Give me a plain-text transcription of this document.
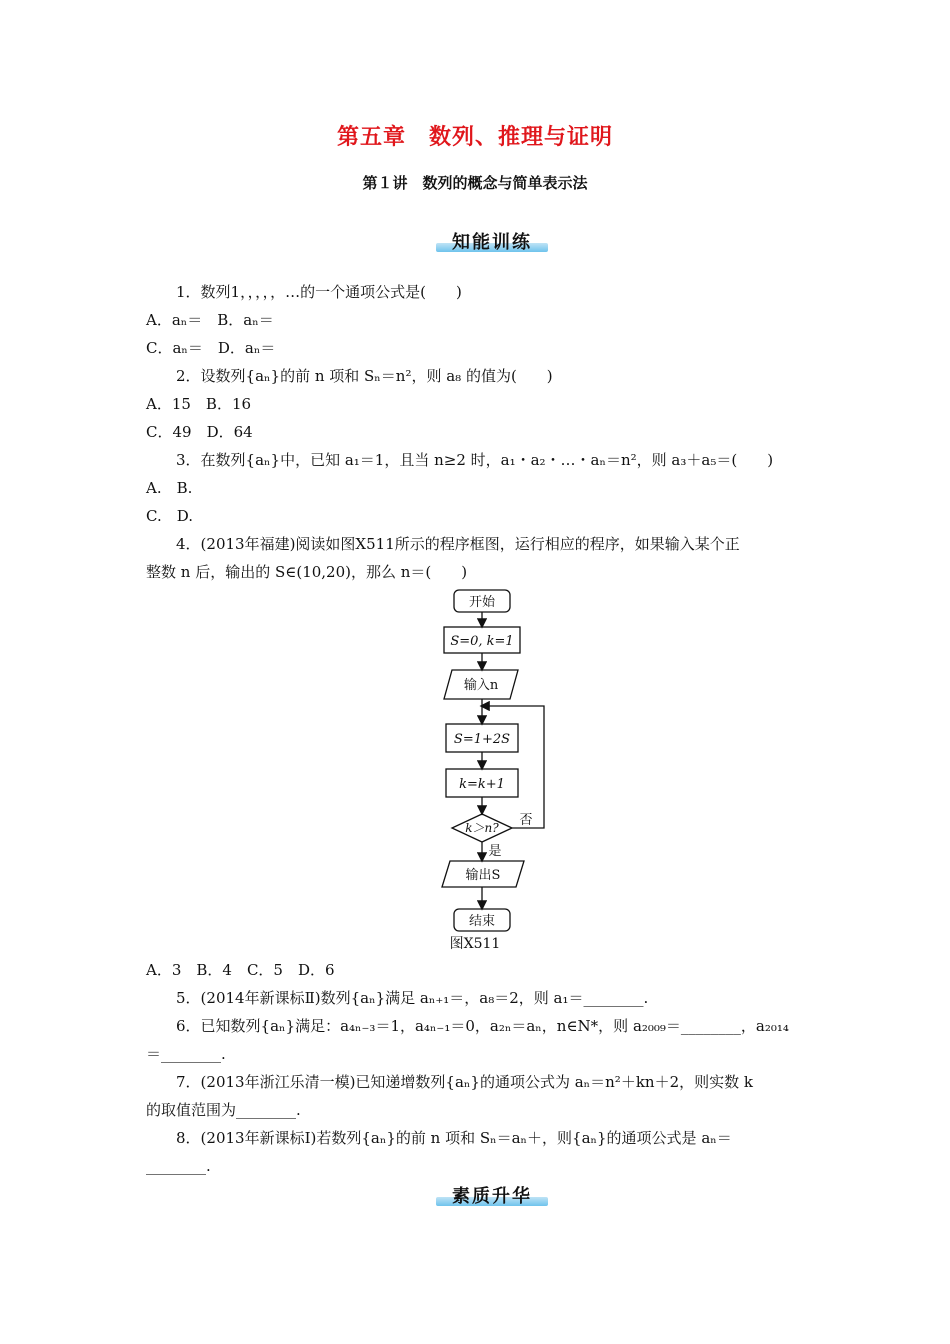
第五章　数列、推理与证明
第１讲　数列的概念与简单表示法
知能训练
1．数列1，，，，，…的一个通项公式是(　　)
A．aₙ＝　B．aₙ＝
C．aₙ＝　D．aₙ＝
2．设数列{aₙ}的前 n 项和 Sₙ＝n²，则 a₈ 的值为(　　)
A．15　B．16
C．49　D．64
3．在数列{aₙ}中，已知 a₁＝1，且当 n≥2 时，a₁・a₂・…・aₙ＝n²，则 a₃＋a₅＝(　　)
A.　B.
C.　D.
4．(2013年福建)阅读如图X511所示的程序框图，运行相应的程序，如果输入某个正
整数 n 后，输出的 S∈(10,20)，那么 n＝(　　)
开始
S=0, k=1
输入n
S=1+2S
k=k+1
k＞n? 否
是
输出S
结束
图X511
A．3　B．4　C．5　D．6
5．(2014年新课标Ⅱ)数列{aₙ}满足 aₙ₊₁＝，a₈＝2，则 a₁＝________.
6．已知数列{aₙ}满足：a₄ₙ₋₃＝1，a₄ₙ₋₁＝0，a₂ₙ＝aₙ，n∈N*，则 a₂₀₀₉＝________，a₂₀₁₄
＝________.
7．(2013年浙江乐清一模)已知递增数列{aₙ}的通项公式为 aₙ＝n²＋kn＋2，则实数 k
的取值范围为________.
8．(2013年新课标Ⅰ)若数列{aₙ}的前 n 项和 Sₙ＝aₙ＋，则{aₙ}的通项公式是 aₙ＝
________.
素质升华
